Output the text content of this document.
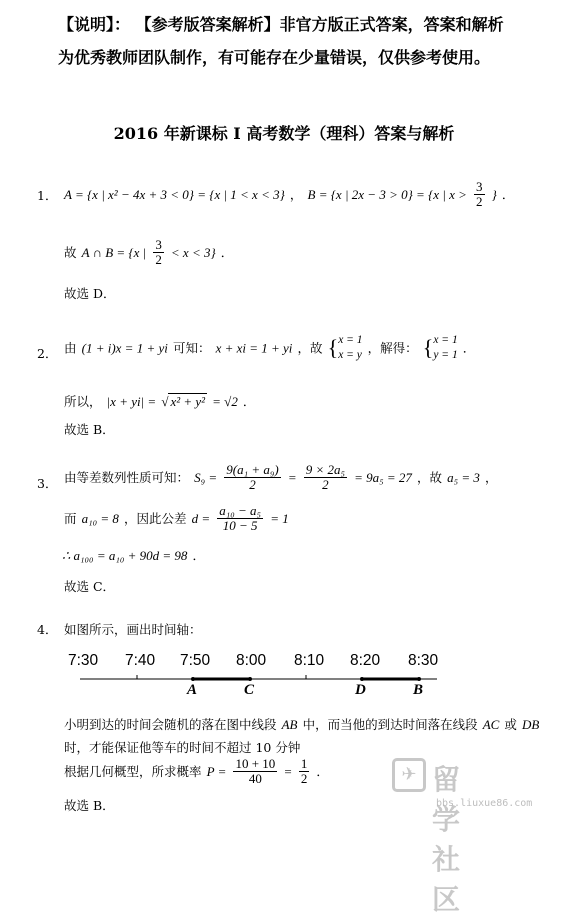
【说明】： 【参考版答案解析】非官方版正式答案，答案和解析
为优秀教师团队制作，有可能存在少量错误，仅供参考使用。
2016 年新课标 I 高考数学（理科）答案与解析
1． A = {x | x² − 4x + 3 < 0} = {x | 1 < x < 3} ， B = {x | 2x − 3 > 0} = {x | $x > \frac{3}{2}$ } ．
故 A ∩ B = {x | $\frac{3}{2} < x < 3$} ．
故选 D．
2． 由 (1 + i)x = 1 + yi 可知： x + xi = 1 + yi ，故 { x = 1
x = y ，解得： { x = 1
y = 1 ．
所以， |x + yi| = √ x² + y² = √2 ．
故选 B．
3． 由等差数列性质可知： $S_9 = \frac{\text{9(a₁ + a₉)}}{2} = \frac{\text{9 × 2a₅}}{2} = 9a_5 = 27$ ，故 a₅ = 3 ，
而 a₁₀ = 8 ，因此公差 $d = \frac{\text{a₁₀ − a₅}}{10 - 5} = 1$
∴ a₁₀₀ = a₁₀ + 90d = 98 ．
故选 C．
4． 如图所示，画出时间轴：
7:30 7:40 7:50 8:00 8:10 8:20 8:30
A	C	D	B
小明到达的时间会随机的落在图中线段 AB 中，而当他的到达时间落在线段 AC 或 DB
时，才能保证他等车的时间不超过 10 分钟
根据几何概型，所求概率 $P = \frac{10 + 10}{40} = \frac{1}{2}$ ．
故选 B．
✈ 留学社区
bbs.liuxue86.com
